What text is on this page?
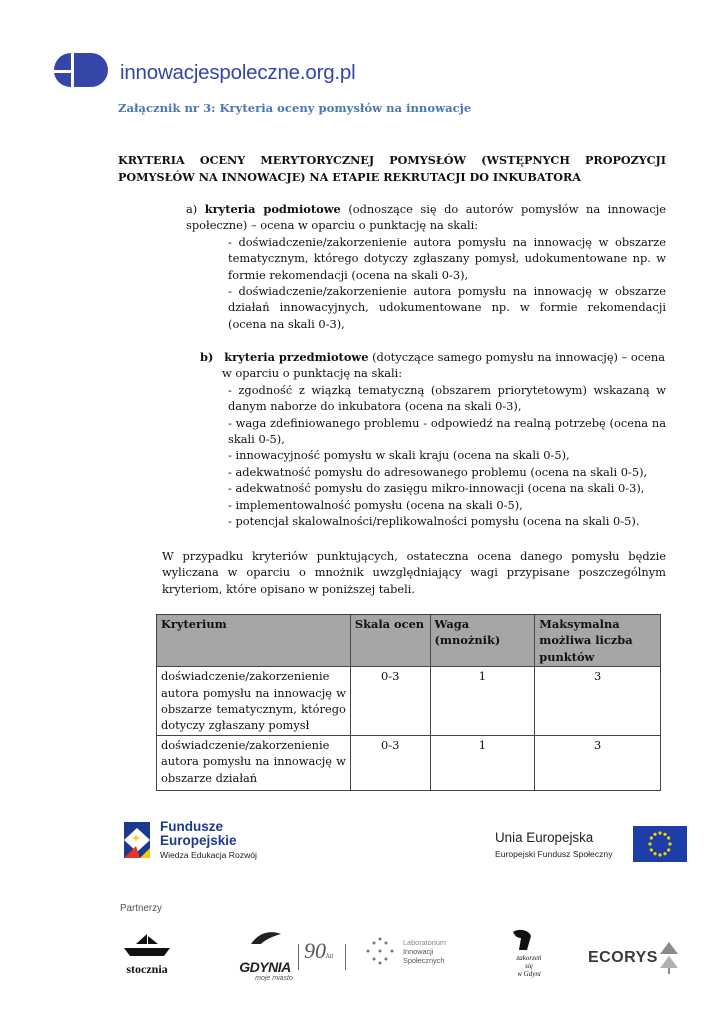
innowacjespoleczne.org.pl
Załącznik nr 3: Kryteria oceny pomysłów na innowacje
KRYTERIA OCENY MERYTORYCZNEJ POMYSŁÓW (WSTĘPNYCH PROPOZYCJI
POMYSŁÓW NA INNOWACJE) NA ETAPIE REKRUTACJI DO INKUBATORA
a) kryteria podmiotowe (odnoszące się do autorów pomysłów na innowacje społeczne) – ocena w oparciu o punktację na skali:
- doświadczenie/zakorzenienie autora pomysłu na innowację w obszarze tematycznym, którego dotyczy zgłaszany pomysł, udokumentowane np. w formie rekomendacji (ocena na skali 0-3),
- doświadczenie/zakorzenienie autora pomysłu na innowację w obszarze działań innowacyjnych, udokumentowane np. w formie rekomendacji (ocena na skali 0-3),
b) kryteria przedmiotowe (dotyczące samego pomysłu na innowację) – ocena
w oparciu o punktację na skali:
- zgodność z wiązką tematyczną (obszarem priorytetowym) wskazaną w danym naborze do inkubatora (ocena na skali 0-3),
- waga zdefiniowanego problemu - odpowiedź na realną potrzebę (ocena na skali 0-5),
- innowacyjność pomysłu w skali kraju (ocena na skali 0-5),
- adekwatność pomysłu do adresowanego problemu (ocena na skali 0-5),
- adekwatność pomysłu do zasięgu mikro-innowacji (ocena na skali 0-3),
- implementowalność pomysłu (ocena na skali 0-5),
- potencjał skalowalności/replikowalności pomysłu (ocena na skali 0-5).
W przypadku kryteriów punktujących, ostateczna ocena danego pomysłu będzie wyliczana w oparciu o mnożnik uwzględniający wagi przypisane poszczególnym kryteriom, które opisano w poniższej tabeli.
Kryterium	Skala ocen	Waga (mnożnik)	Maksymalna możliwa liczba punktów
doświadczenie/zakorzenienie autora pomysłu na innowację w obszarze tematycznym, którego dotyczy zgłaszany pomysł	0-3	1	3

doświadczenie/zakorzenienie autora pomysłu na innowację w obszarze działań	0-3	1	3
Fundusze
Europejskie
Wiedza Edukacja Rozwój
Unia Europejska
Europejski Fundusz Społeczny
Partnerzy
stocznia	GDYNIA
moje miasto
90lat
Laboratorium
Innowacji
Społecznych	zakorzeń
się
w Gdyni
ECORYS
